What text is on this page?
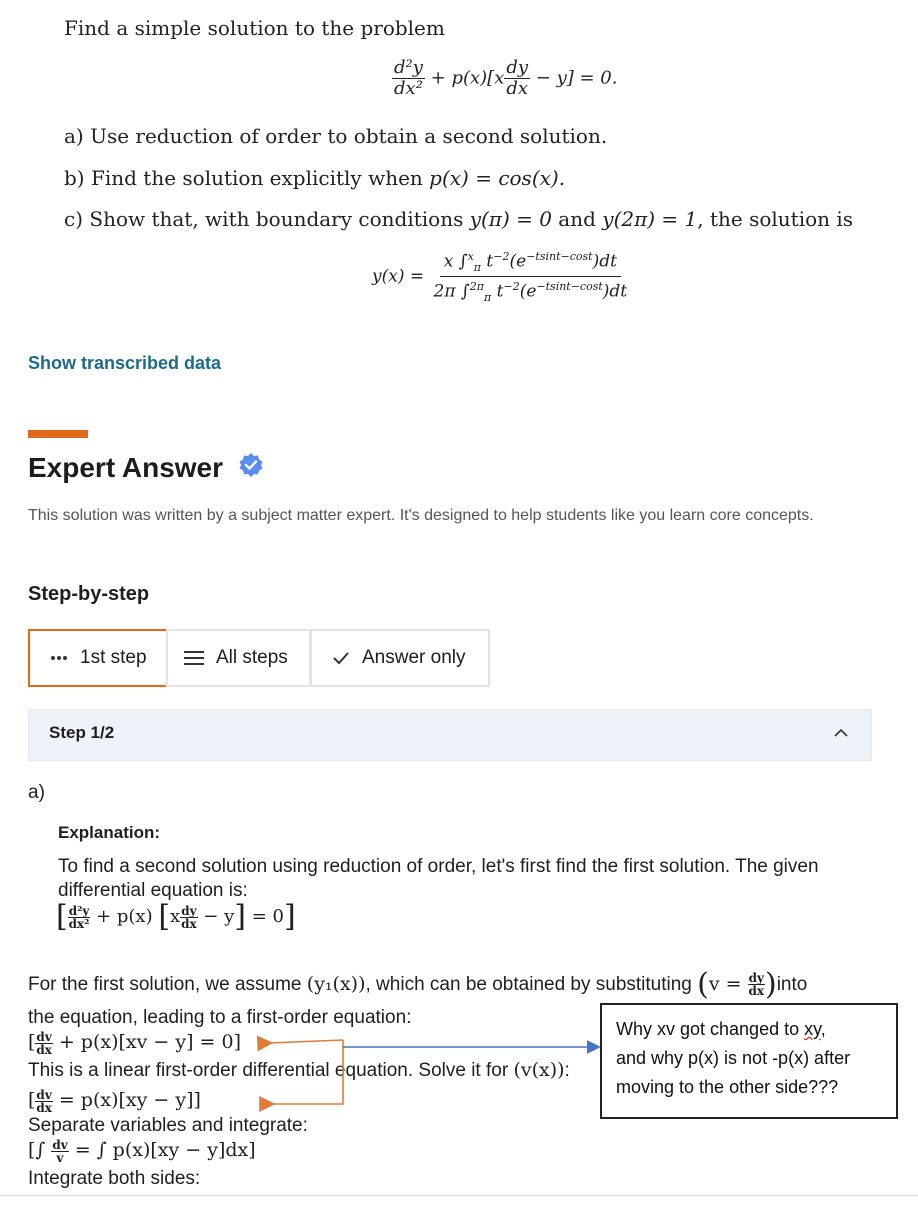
Find a simple solution to the problem
$\frac{\text{d²y}}{\text{dx²}} + p(x)[x \frac{dy}{dx} - y] = 0$.
a) Use reduction of order to obtain a second solution.
b) Find the solution explicitly when p(x) = cos(x).
c) Show that, with boundary conditions y(π) = 0 and y(2π) = 1, the solution is
$y(x) = \frac{x \int^x_\pi t^{-2}(e^{-tsint-cost})dt}{2\pi \int^{2\pi}_\pi t^{-2}(e^{-tsint-cost})dt}$
Show transcribed data
Expert Answer
This solution was written by a subject matter expert. It's designed to help students like you learn core concepts.
Step-by-step
1st step	All steps	Answer only
Step 1/2
a)
Explanation:
To find a second solution using reduction of order, let's first find the first solution. The given differential equation is:
[ $\frac{\text{d²y}}{\text{dx²}} + p(x)$ $[x \frac{dy}{dx} - y] = 0$]
For the first solution, we assume (y₁(x)), which can be obtained by substituting ($v = \frac{dy}{dx}$ )into
the equation, leading to a first-order equation:
[ $\frac{dv}{dx} + p(x)[xv - y] = 0$]
This is a linear first-order differential equation. Solve it for (v(x)):
[ $\frac{dv}{dx} = p(x)[xy - y]$]
Separate variables and integrate:
[∫ $\frac{dv}{v}$ = ∫ p(x)[xy − y]dx]
Integrate both sides:
Why xv got changed to xy,
and why p(x) is not -p(x) after
moving to the other side???
